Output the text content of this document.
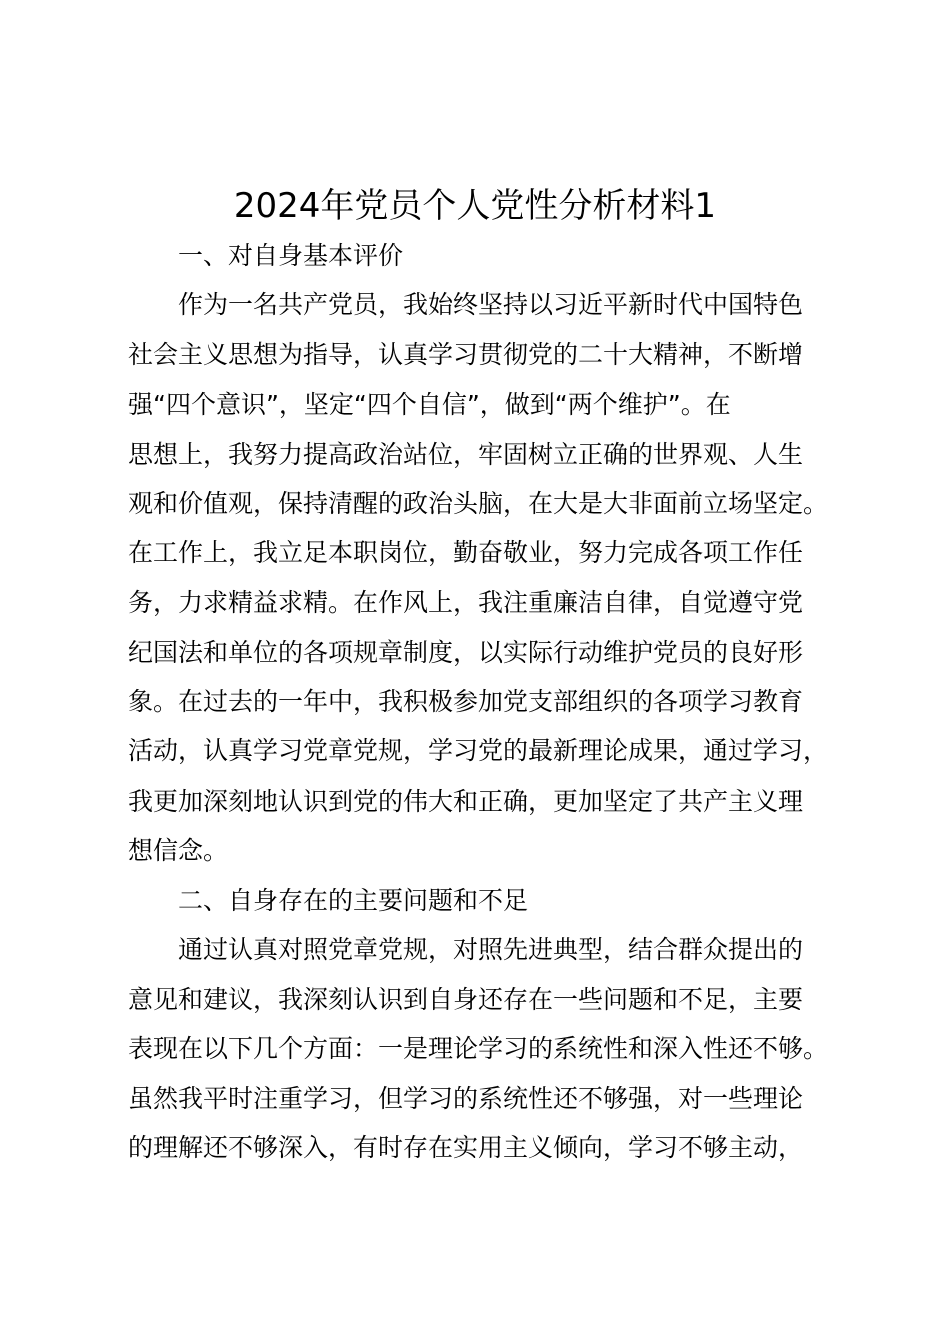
2024年党员个人党性分析材料1
一、对自身基本评价
作为一名共产党员，我始终坚持以习近平新时代中国特色
社会主义思想为指导，认真学习贯彻党的二十大精神，不断增
强“四个意识”，坚定“四个自信”，做到“两个维护”。在
思想上，我努力提高政治站位，牢固树立正确的世界观、人生
观和价值观，保持清醒的政治头脑，在大是大非面前立场坚定。
在工作上，我立足本职岗位，勤奋敬业，努力完成各项工作任
务，力求精益求精。在作风上，我注重廉洁自律，自觉遵守党
纪国法和单位的各项规章制度，以实际行动维护党员的良好形
象。在过去的一年中，我积极参加党支部组织的各项学习教育
活动，认真学习党章党规，学习党的最新理论成果，通过学习，
我更加深刻地认识到党的伟大和正确，更加坚定了共产主义理
想信念。
二、自身存在的主要问题和不足
通过认真对照党章党规，对照先进典型，结合群众提出的
意见和建议，我深刻认识到自身还存在一些问题和不足，主要
表现在以下几个方面：一是理论学习的系统性和深入性还不够。
虽然我平时注重学习，但学习的系统性还不够强，对一些理论
的理解还不够深入，有时存在实用主义倾向，学习不够主动，
